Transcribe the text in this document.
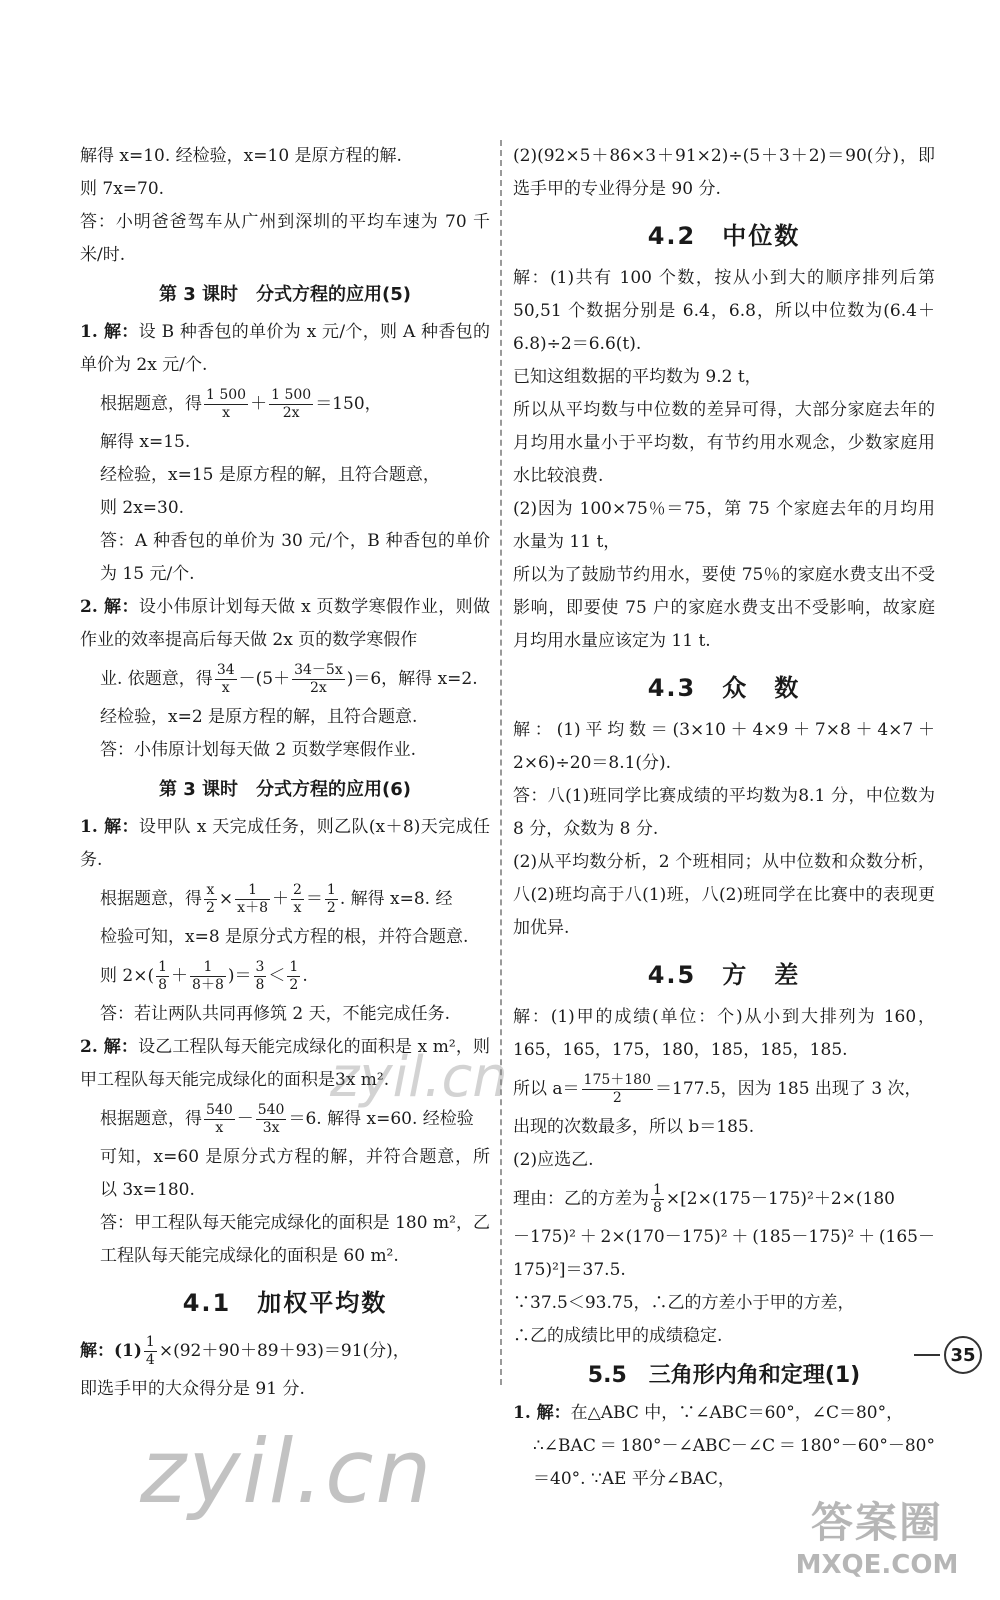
解得 x=10. 经检验，x=10 是原方程的解.

则 7x=70.

答：小明爸爸驾车从广州到深圳的平均车速为 70 千米/时.

第 3 课时　分式方程的应用(5)

1. 解：设 B 种香包的单价为 x 元/个，则 A 种香包的单价为 2x 元/个.

根据题意，得 $\frac{1 500}{x} + \frac{1 500}{2x} =150$，

解得 x=15.

经检验，x=15 是原方程的解，且符合题意，

则 2x=30.

答：A 种香包的单价为 30 元/个，B 种香包的单价为 15 元/个.

2. 解：设小伟原计划每天做 x 页数学寒假作业，则做作业的效率提高后每天做 2x 页的数学寒假作

业. 依题意，得 $\frac{34}{x} -(5+ \frac{34-5x}{2x} )=6$，解得 x=2.

经检验，x=2 是原方程的解，且符合题意.

答：小伟原计划每天做 2 页数学寒假作业.

第 3 课时　分式方程的应用(6)

1. 解：设甲队 x 天完成任务，则乙队(x＋8)天完成任务.

根据题意，得 $\frac{x}{2} \times \frac{1}{x+8} + \frac{2}{x} = \frac{1}{2}$ . 解得 x=8. 经

检验可知，x=8 是原分式方程的根，并符合题意.

则 $2\times( \frac{1}{8} + \frac{1}{8+8}$ )＝ $\frac{3}{8} < \frac{1}{2}$ .

答：若让两队共同再修筑 2 天，不能完成任务.

2. 解：设乙工程队每天能完成绿化的面积是 x m²，则甲工程队每天能完成绿化的面积是3x m².

根据题意，得 $\frac{540}{x} - \frac{540}{3x} =6$. 解得 x=60. 经检验

可知，x=60 是原分式方程的解，并符合题意，所以 3x=180.

答：甲工程队每天能完成绿化的面积是 180 m²，乙工程队每天能完成绿化的面积是 60 m².

4.1　加权平均数

解：$(1) \frac{1}{4} \times(92+90+89+93)=91$(分)，

即选手甲的大众得分是 91 分.

(2)(92×5＋86×3＋91×2)÷(5＋3＋2)＝90(分)，即选手甲的专业得分是 90 分.

4.2　中位数

解：(1)共有 100 个数，按从小到大的顺序排列后第 50,51 个数据分别是 6.4，6.8，所以中位数为(6.4＋6.8)÷2＝6.6(t).

已知这组数据的平均数为 9.2 t，

所以从平均数与中位数的差异可得，大部分家庭去年的月均用水量小于平均数，有节约用水观念，少数家庭用水比较浪费.

(2)因为 100×75％＝75，第 75 个家庭去年的月均用水量为 11 t，

所以为了鼓励节约用水，要使 75％的家庭水费支出不受影响，即要使 75 户的家庭水费支出不受影响，故家庭月均用水量应该定为 11 t.

4.3　众　数

解：(1)平均数＝(3×10＋4×9＋7×8＋4×7＋2×6)÷20＝8.1(分).

答：八(1)班同学比赛成绩的平均数为8.1 分，中位数为 8 分，众数为 8 分.

(2)从平均数分析，2 个班相同；从中位数和众数分析，八(2)班均高于八(1)班，八(2)班同学在比赛中的表现更加优异.

4.5　方　差

解：(1)甲的成绩(单位：个)从小到大排列为 160，165，165，175，180，185，185，185.

所以 $a= \frac{175+180}{2} =177.5$，因为 185 出现了 3 次，

出现的次数最多，所以 b＝185.

(2)应选乙.

理由：乙的方差为 $\frac{1}{8} \times[2\times(175-175)^2+2\times(180$

－175)²＋2×(170－175)²＋(185－175)²＋(165－175)²]＝37.5.

∵37.5＜93.75，∴乙的方差小于甲的方差，

∴乙的成绩比甲的成绩稳定.

5.5　三角形内角和定理(1)

1. 解：在△ABC 中，∵∠ABC＝60°，∠C＝80°，

∴∠BAC＝180°－∠ABC－∠C＝180°－60°－80°＝40°. ∵AE 平分∠BAC，

35
zyil.cn
zyil.cn	答案圈
MXQE.COM
